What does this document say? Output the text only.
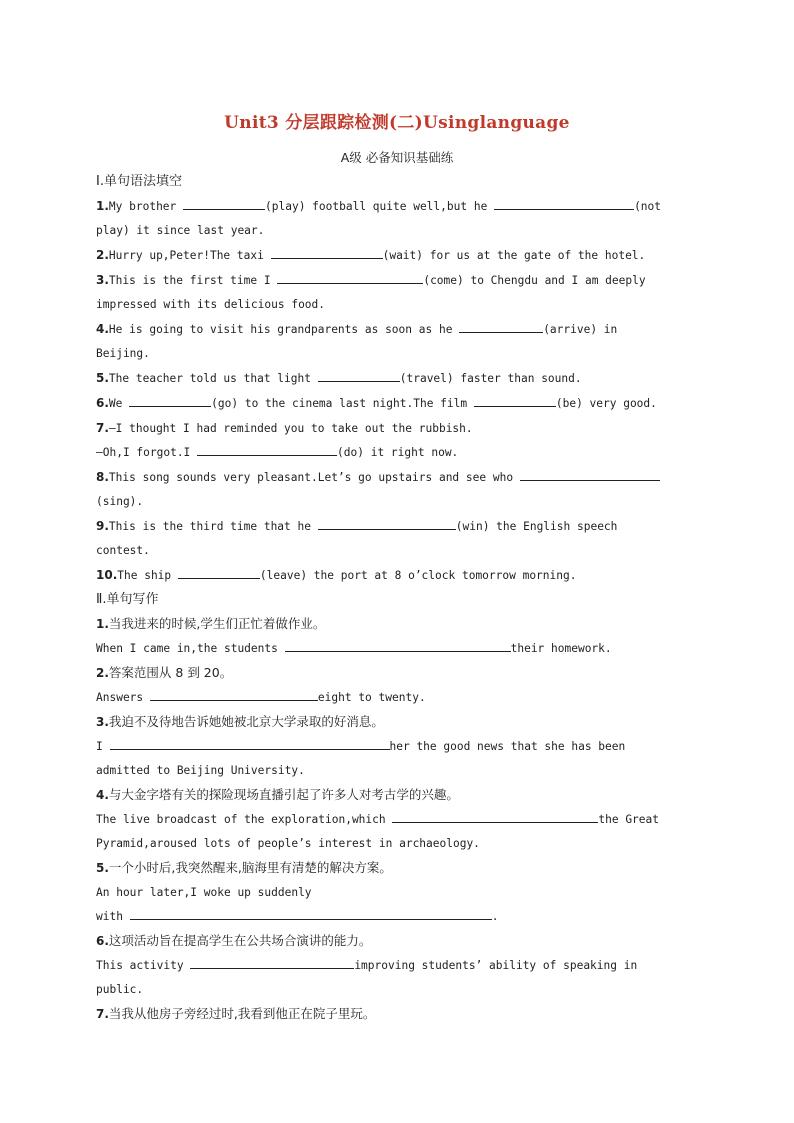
Unit3 分层跟踪检测(二)Usinglanguage
A级 必备知识基础练
Ⅰ.单句语法填空
1.My brother	(play) football quite well,but he	(not
play) it since last year.
2.Hurry up,Peter!The taxi	(wait) for us at the gate of the hotel.
3.This is the first time I	(come) to Chengdu and I am deeply
impressed with its delicious food.
4.He is going to visit his grandparents as soon as he	(arrive) in
Beijing.
5.The teacher told us that light	(travel) faster than sound.
6.We	(go) to the cinema last night.The film	(be) very good.
7.—I thought I had reminded you to take out the rubbish.
—Oh,I forgot.I	(do) it right now.
8.This song sounds very pleasant.Let’s go upstairs and see who
(sing).
9.This is the third time that he	(win) the English speech
contest.
10.The ship	(leave) the port at 8 o’clock tomorrow morning.
Ⅱ.单句写作
1.当我进来的时候,学生们正忙着做作业。
When I came in,the students	their homework.
2.答案范围从 8 到 20。
Answers	eight to twenty.
3.我迫不及待地告诉她她被北京大学录取的好消息。
I	her the good news that she has been
admitted to Beijing University.
4.与大金字塔有关的探险现场直播引起了许多人对考古学的兴趣。
The live broadcast of the exploration,which	the Great
Pyramid,aroused lots of people’s interest in archaeology.
5.一个小时后,我突然醒来,脑海里有清楚的解决方案。
An hour later,I woke up suddenly
with	.
6.这项活动旨在提高学生在公共场合演讲的能力。
This activity	improving students’ ability of speaking in
public.
7.当我从他房子旁经过时,我看到他正在院子里玩。
